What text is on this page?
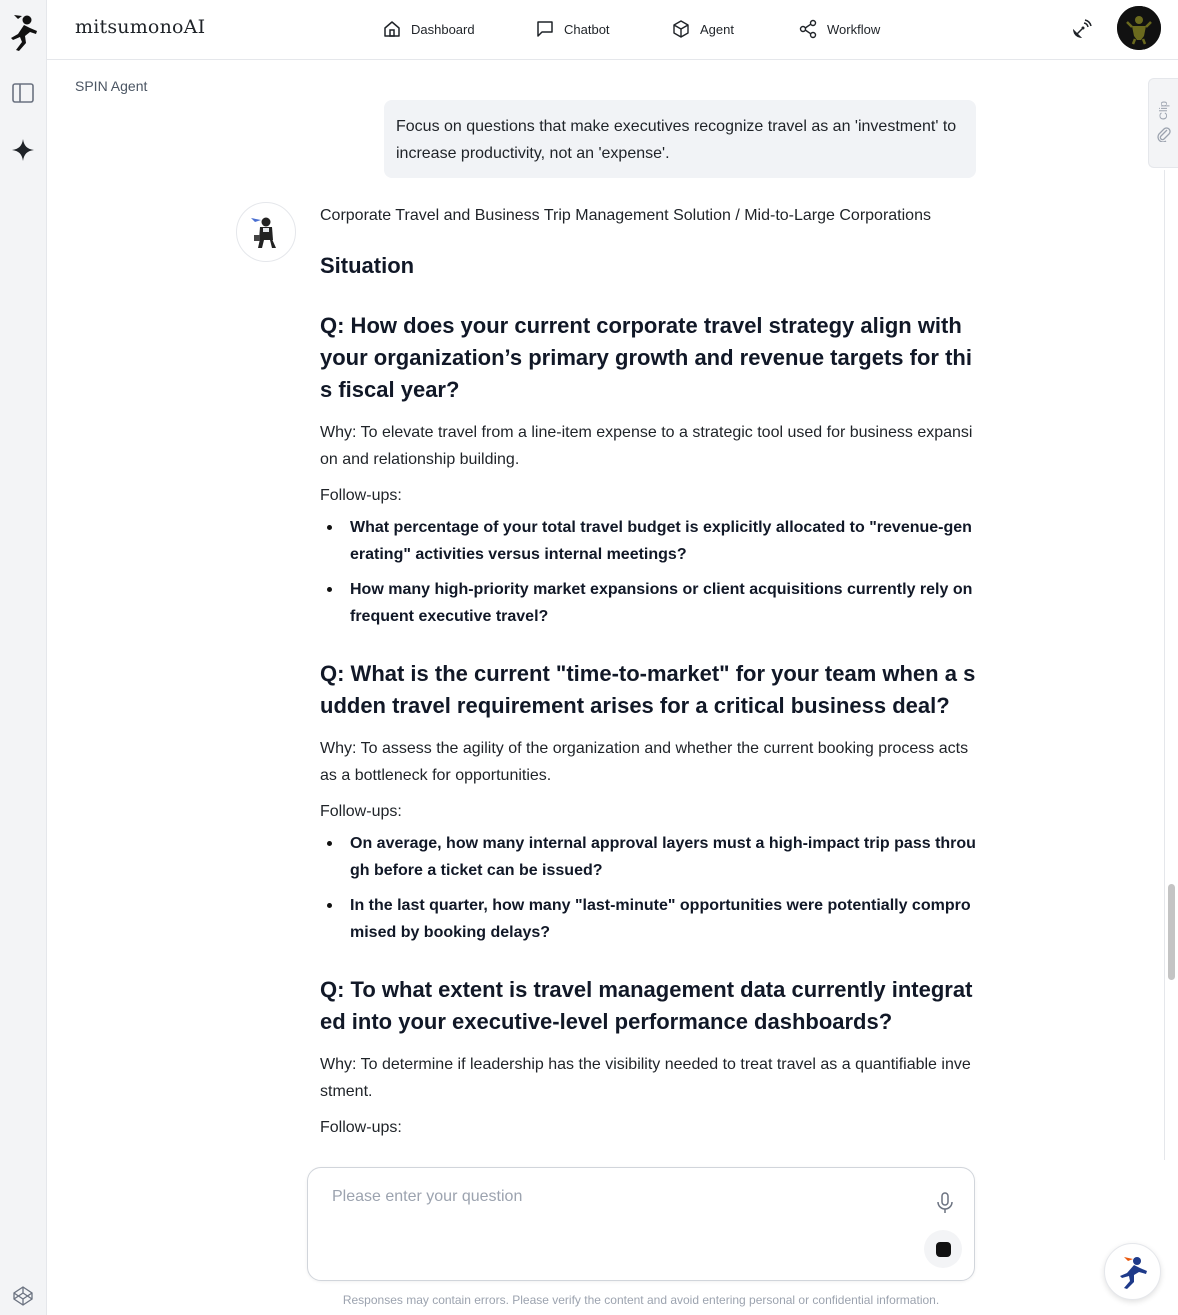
mitsumonoAI	Dashboard	Chatbot	Agent	Workflow
SPIN Agent
Clip
Focus on questions that make executives recognize travel as an 'investment' to increase productivity, not an 'expense'.
Corporate Travel and Business Trip Management Solution / Mid-to-Large Corporations
Situation
Q: How does your current corporate travel strategy align with your organization’s primary growth and revenue targets for this fiscal year?
Why: To elevate travel from a line-item expense to a strategic tool used for business expansion and relationship building.
Follow-ups:
What percentage of your total travel budget is explicitly allocated to "revenue-generating" activities versus internal meetings?
How many high-priority market expansions or client acquisitions currently rely on frequent executive travel?
Q: What is the current "time-to-market" for your team when a sudden travel requirement arises for a critical business deal?
Why: To assess the agility of the organization and whether the current booking process acts as a bottleneck for opportunities.
Follow-ups:
On average, how many internal approval layers must a high-impact trip pass through before a ticket can be issued?
In the last quarter, how many "last-minute" opportunities were potentially compromised by booking delays?
Q: To what extent is travel management data currently integrated into your executive-level performance dashboards?
Why: To determine if leadership has the visibility needed to treat travel as a quantifiable investment.
Follow-ups:
Please enter your question
Responses may contain errors. Please verify the content and avoid entering personal or confidential information.
